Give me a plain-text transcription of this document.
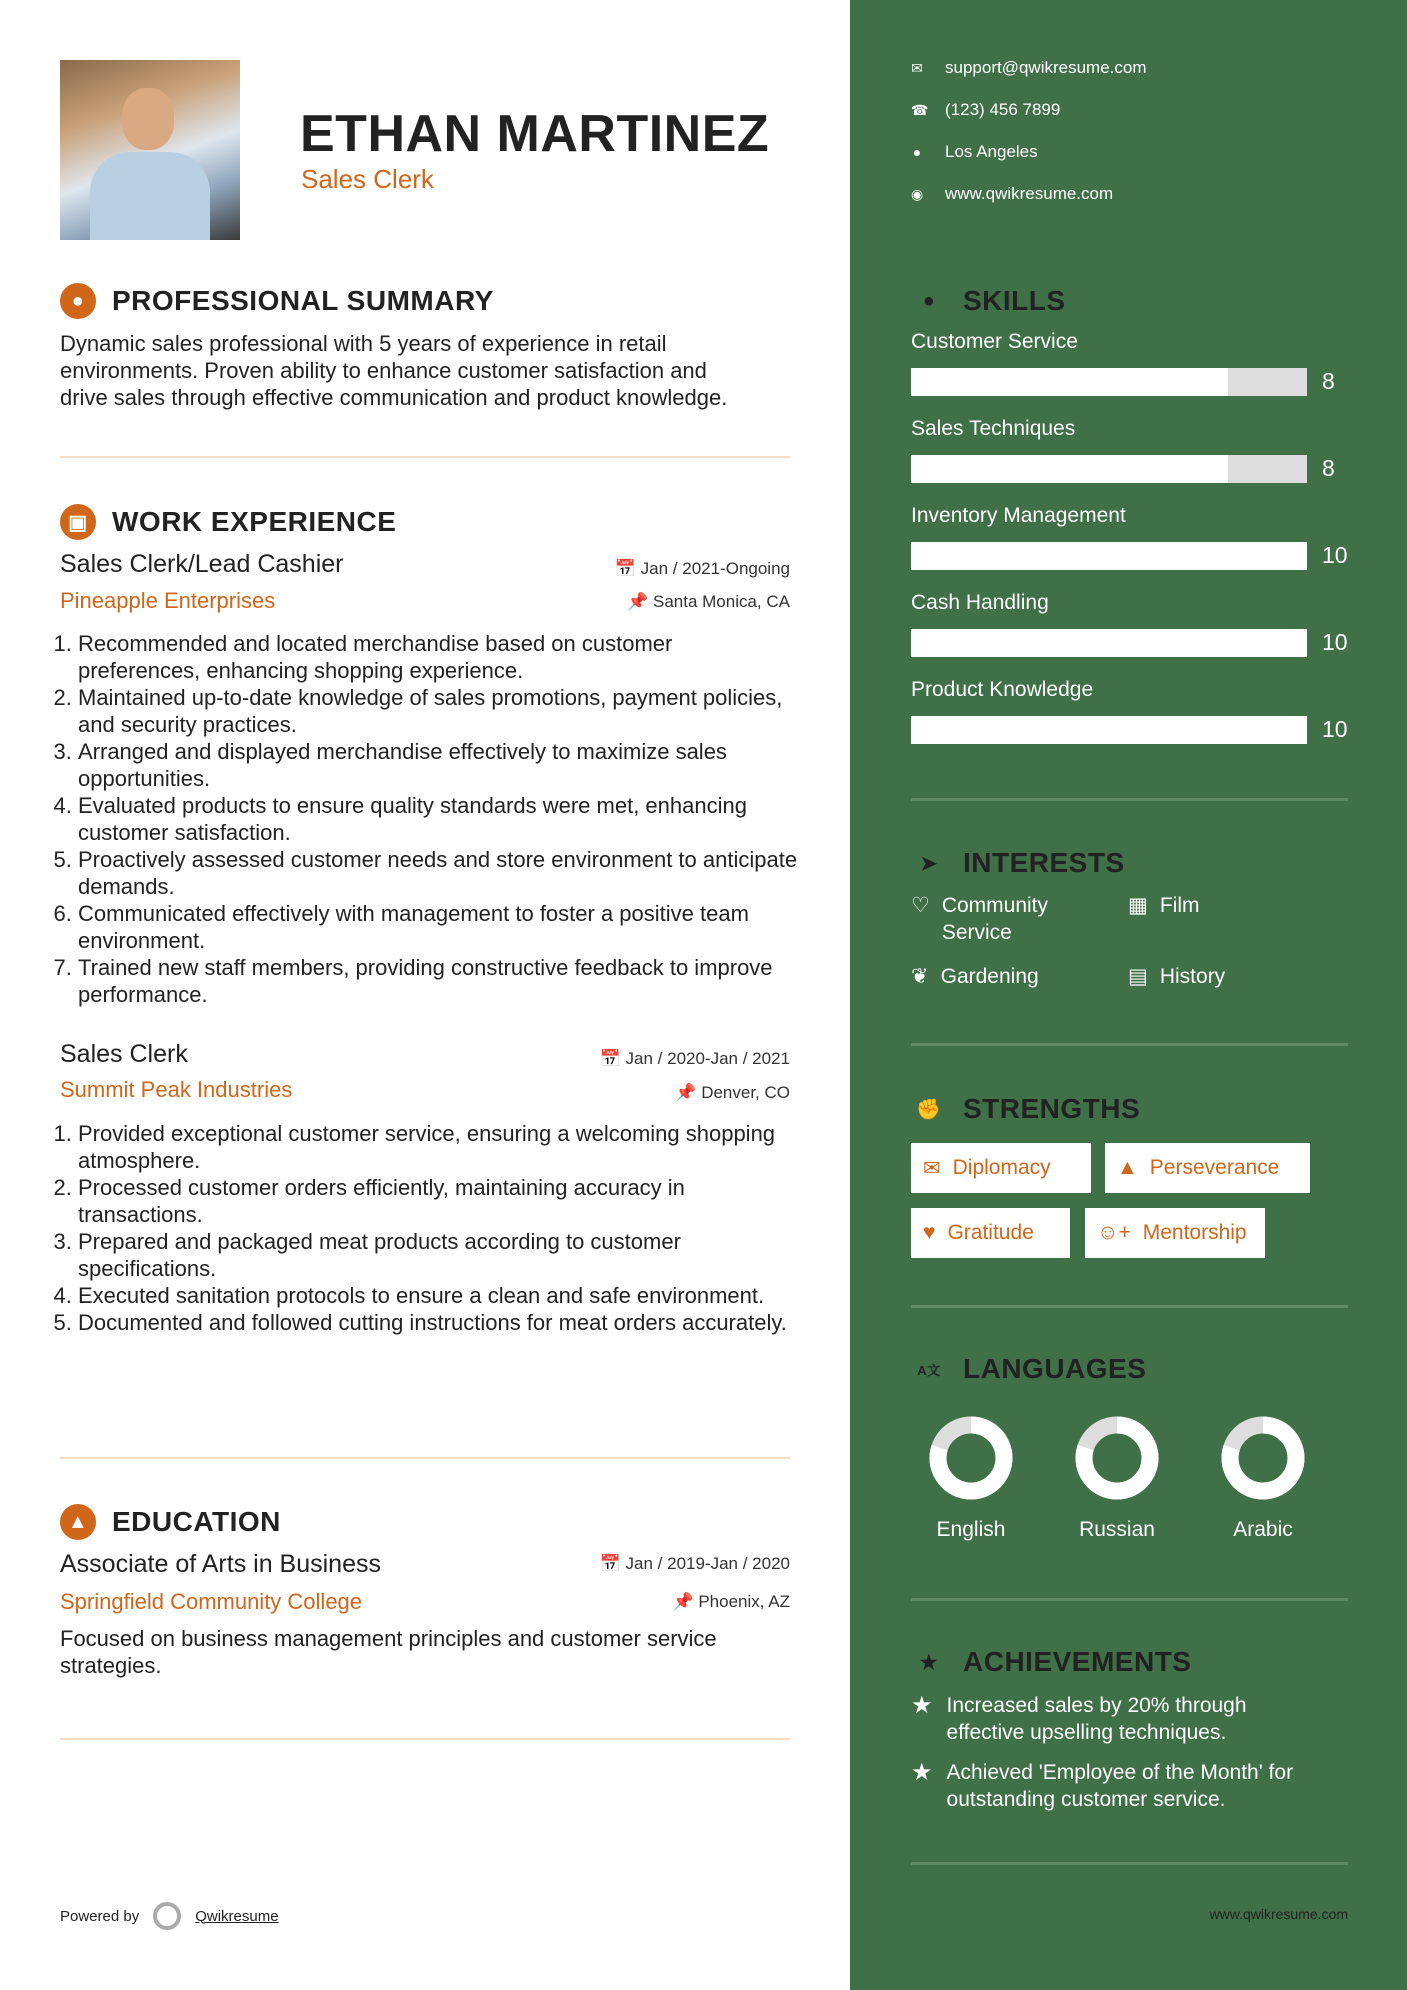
ETHAN MARTINEZ
Sales Clerk
● PROFESSIONAL SUMMARY
Dynamic sales professional with 5 years of experience in retail
environments. Proven ability to enhance customer satisfaction and
drive sales through effective communication and product knowledge.
▣ WORK EXPERIENCE
Sales Clerk/Lead Cashier	📅 Jan / 2021-Ongoing
Pineapple Enterprises	📌 Santa Monica, CA
1. Recommended and located merchandise based on customer preferences, enhancing shopping experience.
2. Maintained up-to-date knowledge of sales promotions, payment policies, and security practices.
3. Arranged and displayed merchandise effectively to maximize sales opportunities.
4. Evaluated products to ensure quality standards were met, enhancing customer satisfaction.
5. Proactively assessed customer needs and store environment to anticipate demands.
6. Communicated effectively with management to foster a positive team environment.
7. Trained new staff members, providing constructive feedback to improve performance.
Sales Clerk	📅 Jan / 2020-Jan / 2021
Summit Peak Industries	📌 Denver, CO
1. Provided exceptional customer service, ensuring a welcoming shopping atmosphere.
2. Processed customer orders efficiently, maintaining accuracy in transactions.
3. Prepared and packaged meat products according to customer specifications.
4. Executed sanitation protocols to ensure a clean and safe environment.
5. Documented and followed cutting instructions for meat orders accurately.
▲ EDUCATION
Associate of Arts in Business	📅 Jan / 2019-Jan / 2020
Springfield Community College	📌 Phoenix, AZ
Focused on business management principles and customer service
strategies.
Powered by	Qwikresume
✉ support@qwikresume.com
☎ (123) 456 7899
● Los Angeles
◉ www.qwikresume.com
● SKILLS
Customer Service
8
Sales Techniques
8
Inventory Management
10
Cash Handling
10
Product Knowledge
10
➤ INTERESTS
♡ Community Service
▦ Film
❦ Gardening	▤ History
✊ STRENGTHS
✉ Diplomacy	▲ Perseverance
♥ Gratitude	☺+ Mentorship
A文 LANGUAGES
English	Russian	Arabic
★ ACHIEVEMENTS
★ Increased sales by 20% through
effective upselling techniques.
★ Achieved 'Employee of the Month' for
outstanding customer service.
www.qwikresume.com
